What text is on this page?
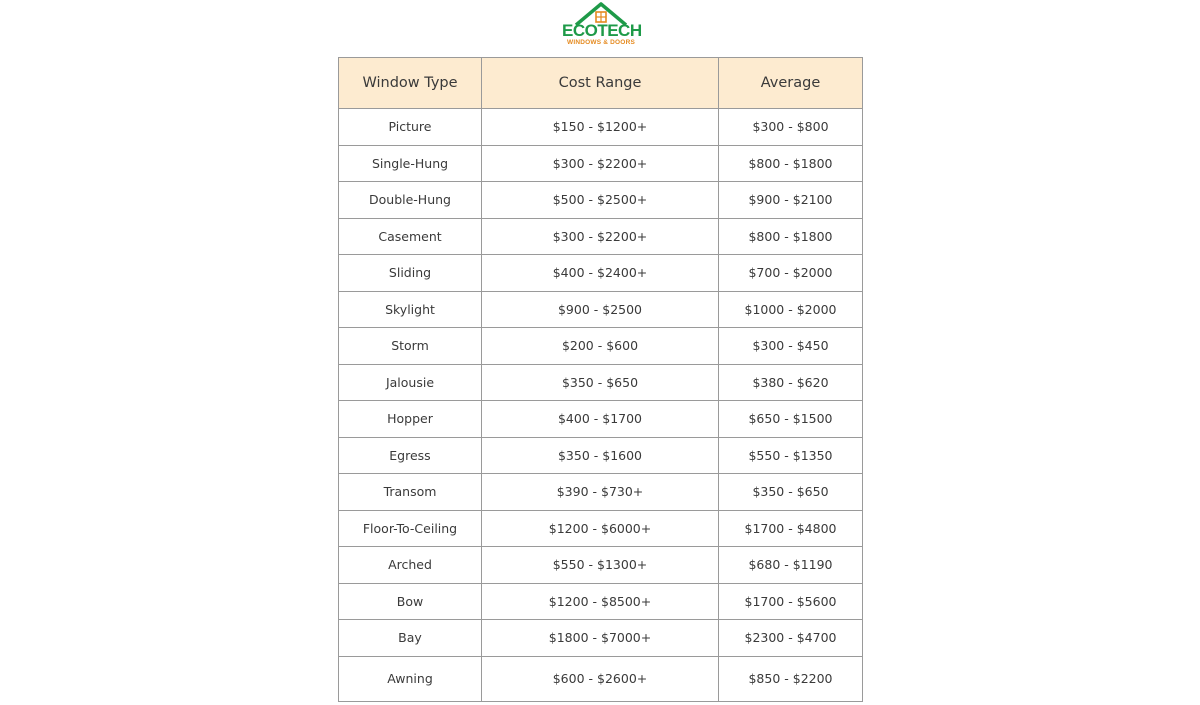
ECOTECH
WINDOWS & DOORS
Window Type	Cost Range	Average
Picture	$150 - $1200+	$300 - $800
Single-Hung	$300 - $2200+	$800 - $1800
Double-Hung	$500 - $2500+	$900 - $2100
Casement	$300 - $2200+	$800 - $1800
Sliding	$400 - $2400+	$700 - $2000
Skylight	$900 - $2500	$1000 - $2000
Storm	$200 - $600	$300 - $450
Jalousie	$350 - $650	$380 - $620
Hopper	$400 - $1700	$650 - $1500
Egress	$350 - $1600	$550 - $1350
Transom	$390 - $730+	$350 - $650
Floor-To-Ceiling	$1200 - $6000+	$1700 - $4800
Arched	$550 - $1300+	$680 - $1190
Bow	$1200 - $8500+	$1700 - $5600
Bay	$1800 - $7000+	$2300 - $4700
Awning	$600 - $2600+	$850 - $2200
